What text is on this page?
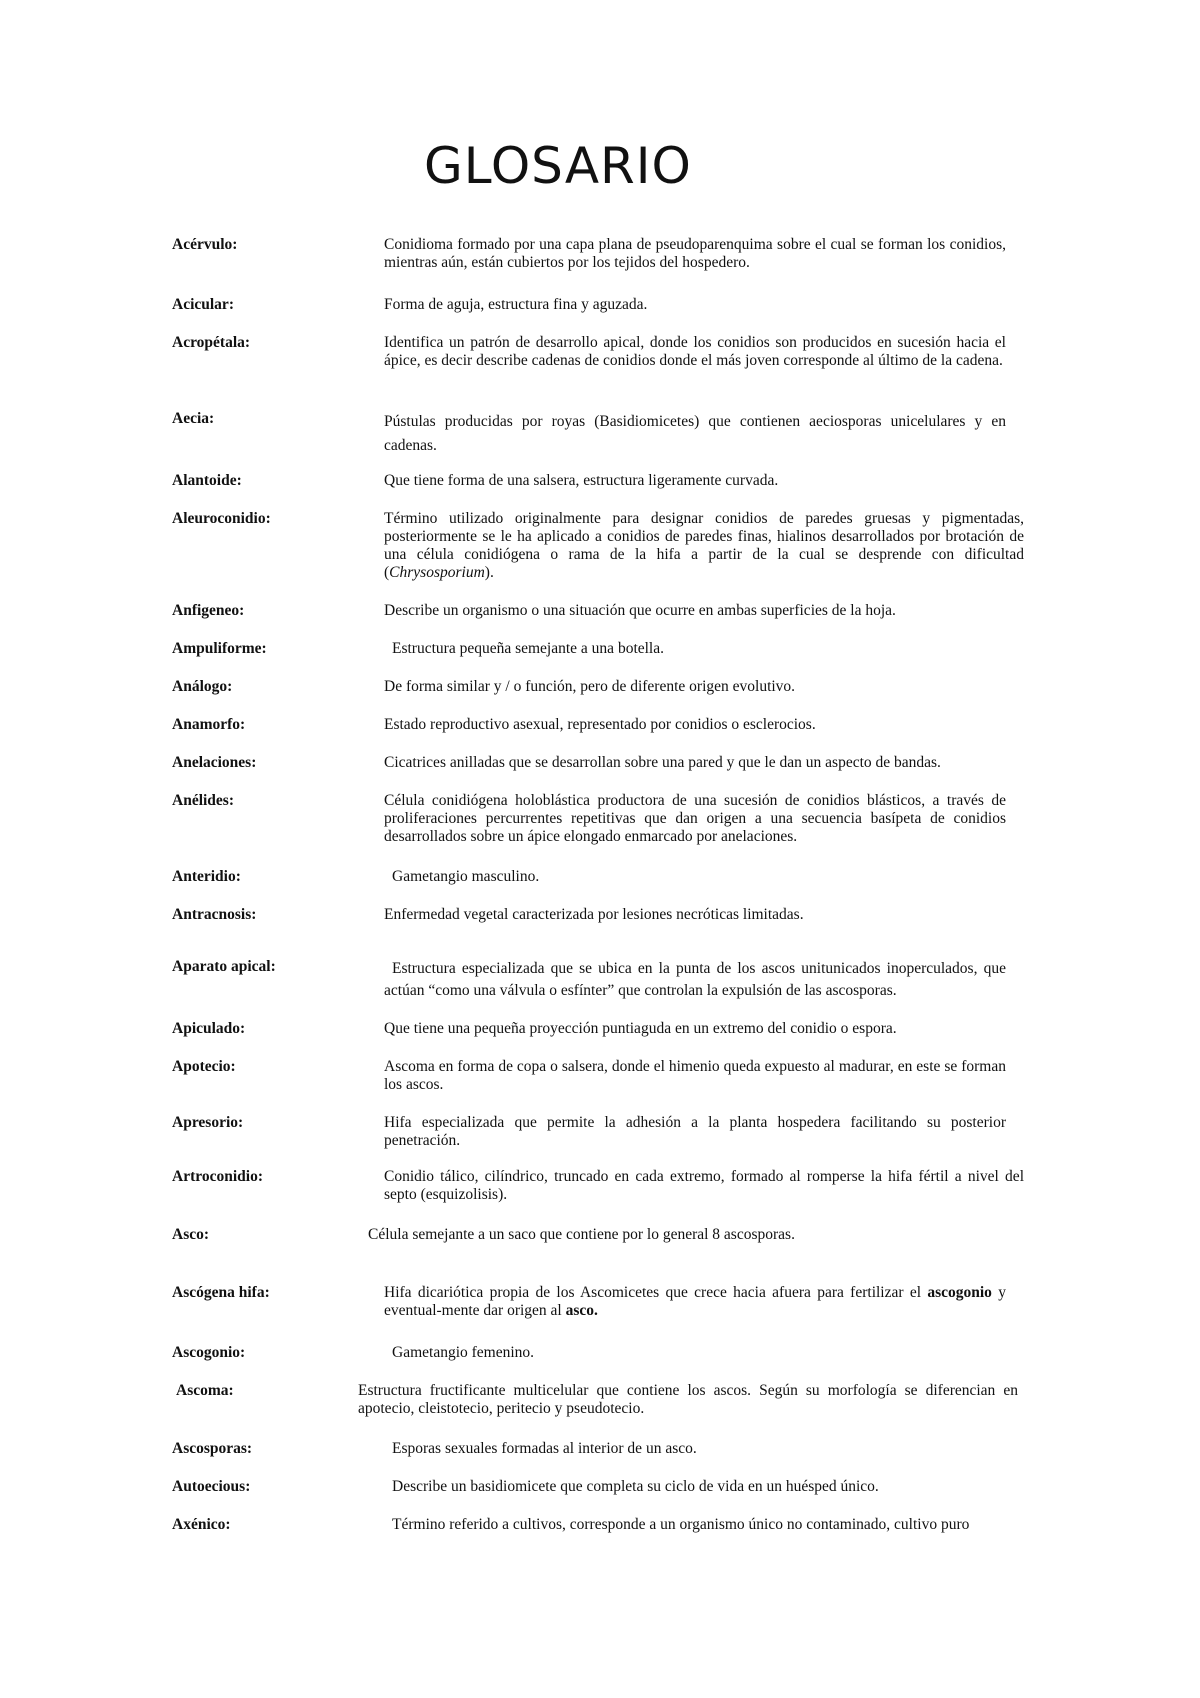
GLOSARIO
Acérvulo:	Conidioma formado por una capa plana de pseudoparenquima sobre el cual se forman los conidios, mientras aún, están cubiertos por los tejidos del hospedero.
Acicular:	Forma de aguja, estructura fina y aguzada.
Acropétala:	Identifica un patrón de desarrollo apical, donde los conidios son producidos en sucesión hacia el ápice, es decir describe cadenas de conidios donde el más joven corresponde al último de la cadena.
Aecia:	Pústulas producidas por royas (Basidiomicetes) que contienen aeciosporas unicelulares y en cadenas.
Alantoide:	Que tiene forma de una salsera, estructura ligeramente curvada.
Aleuroconidio:	Término utilizado originalmente para designar conidios de paredes gruesas y pigmentadas, posteriormente se le ha aplicado a conidios de paredes finas, hialinos desarrollados por brotación de una célula conidiógena o rama de la hifa a partir de la cual se desprende con dificultad (Chrysosporium).
Anfigeneo:	Describe un organismo o una situación que ocurre en ambas superficies de la hoja.
Ampuliforme:	Estructura pequeña semejante a una botella.
Análogo:	De forma similar y / o función, pero de diferente origen evolutivo.
Anamorfo:	Estado reproductivo asexual, representado por conidios o esclerocios.
Anelaciones:	Cicatrices anilladas que se desarrollan sobre una pared y que le dan un aspecto de bandas.
Anélides:	Célula conidiógena holoblástica productora de una sucesión de conidios blásticos, a través de proliferaciones percurrentes repetitivas que dan origen a una secuencia basípeta de conidios desarrollados sobre un ápice elongado enmarcado por anelaciones.
Anteridio:	Gametangio masculino.
Antracnosis:	Enfermedad vegetal caracterizada por lesiones necróticas limitadas.
Aparato apical:	Estructura especializada que se ubica en la punta de los ascos unitunicados inoperculados, que actúan “como una válvula o esfínter” que controlan la expulsión de las ascosporas.
Apiculado:	Que tiene una pequeña proyección puntiaguda en un extremo del conidio o espora.
Apotecio:	Ascoma en forma de copa o salsera, donde el himenio queda expuesto al madurar, en este se forman los ascos.
Apresorio:	Hifa especializada que permite la adhesión a la planta hospedera facilitando su posterior penetración.
Artroconidio:	Conidio tálico, cilíndrico, truncado en cada extremo, formado al romperse la hifa fértil a nivel del septo (esquizolisis).
Asco:	Célula semejante a un saco que contiene por lo general 8 ascosporas.
Ascógena hifa:	Hifa dicariótica propia de los Ascomicetes que crece hacia afuera para fertilizar el ascogonio y eventual-mente dar origen al asco.
Ascogonio:	Gametangio femenino.
Ascoma:	Estructura fructificante multicelular que contiene los ascos. Según su morfología se diferencian en apotecio, cleistotecio, peritecio y pseudotecio.
Ascosporas:	Esporas sexuales formadas al interior de un asco.
Autoecious:	Describe un basidiomicete que completa su ciclo de vida en un huésped único.
Axénico:	Término referido a cultivos, corresponde a un organismo único no contaminado, cultivo puro
